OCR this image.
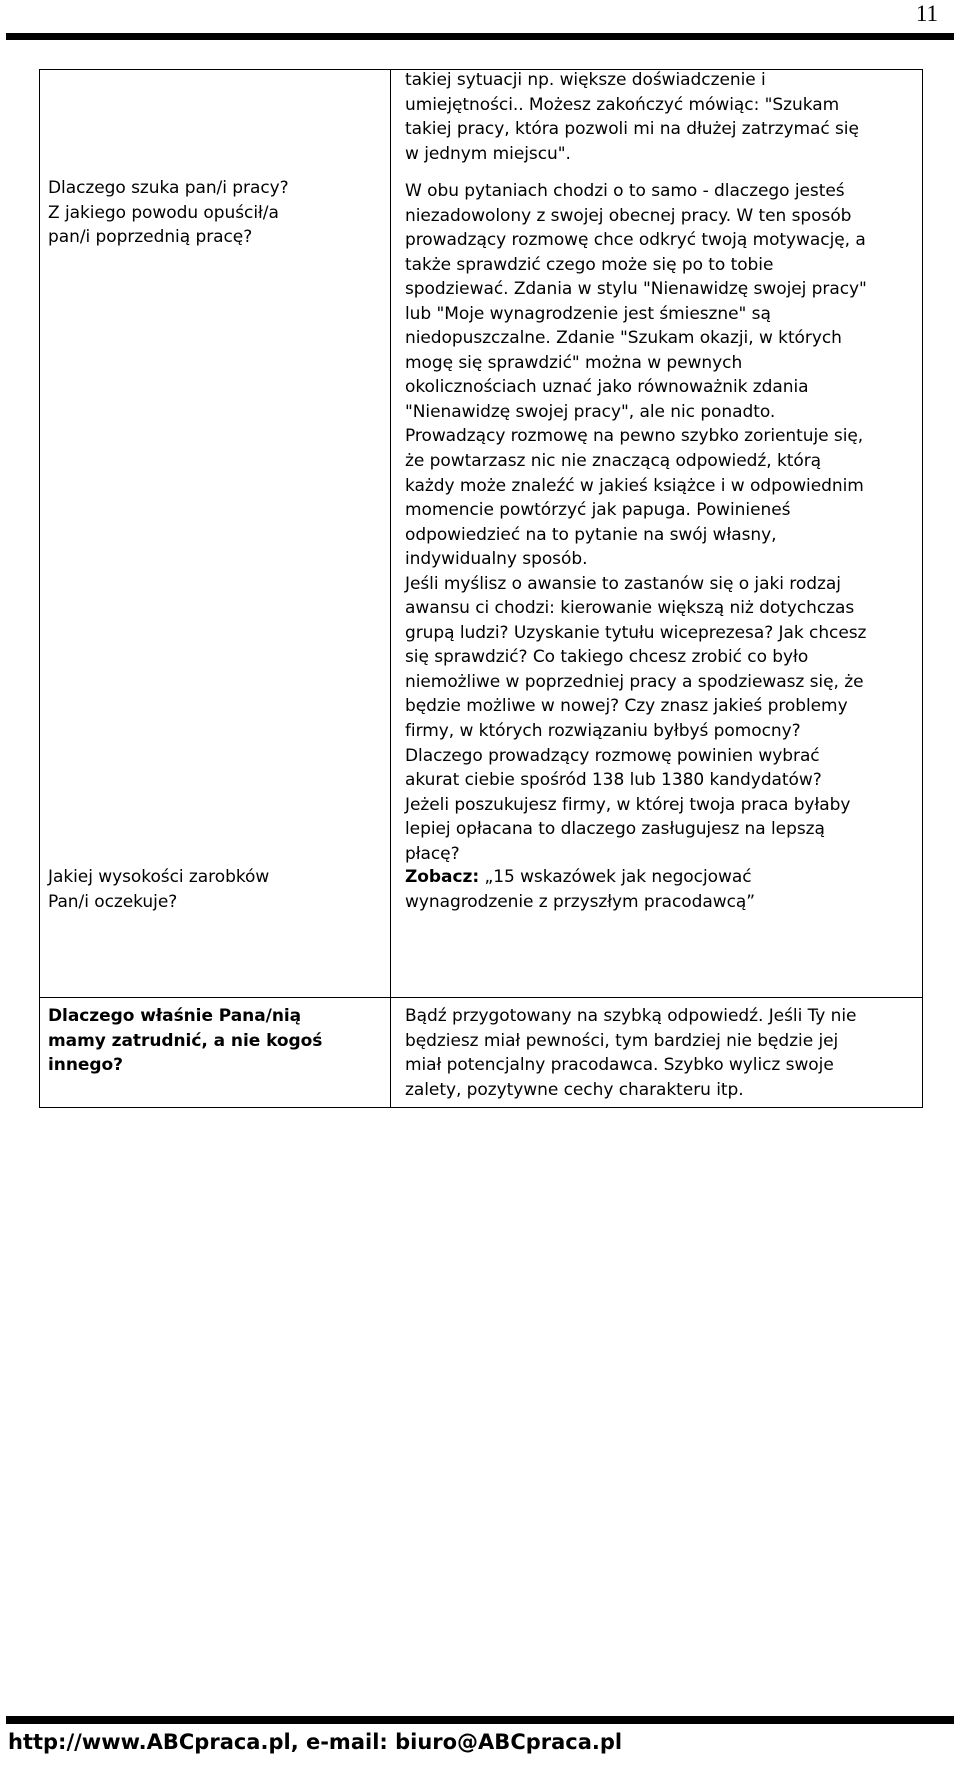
11
Dlaczego szuka pan/i pracy?
Z jakiego powodu opuścił/a
pan/i poprzednią pracę?
takiej sytuacji np. większe doświadczenie i
umiejętności.. Możesz zakończyć mówiąc: "Szukam
takiej pracy, która pozwoli mi na dłużej zatrzymać się
w jednym miejscu".
W obu pytaniach chodzi o to samo - dlaczego jesteś
niezadowolony z swojej obecnej pracy. W ten sposób
prowadzący rozmowę chce odkryć twoją motywację, a
także sprawdzić czego może się po to tobie
spodziewać. Zdania w stylu "Nienawidzę swojej pracy"
lub "Moje wynagrodzenie jest śmieszne" są
niedopuszczalne. Zdanie "Szukam okazji, w których
mogę się sprawdzić" można w pewnych
okolicznościach uznać jako równoważnik zdania
"Nienawidzę swojej pracy", ale nic ponadto.
Prowadzący rozmowę na pewno szybko zorientuje się,
że powtarzasz nic nie znaczącą odpowiedź, którą
każdy może znaleźć w jakieś książce i w odpowiednim
momencie powtórzyć jak papuga. Powinieneś
odpowiedzieć na to pytanie na swój własny,
indywidualny sposób.
Jeśli myślisz o awansie to zastanów się o jaki rodzaj
awansu ci chodzi: kierowanie większą niż dotychczas
grupą ludzi? Uzyskanie tytułu wiceprezesa? Jak chcesz
się sprawdzić? Co takiego chcesz zrobić co było
niemożliwe w poprzedniej pracy a spodziewasz się, że
będzie możliwe w nowej? Czy znasz jakieś problemy
firmy, w których rozwiązaniu byłbyś pomocny?
Dlaczego prowadzący rozmowę powinien wybrać
akurat ciebie spośród 138 lub 1380 kandydatów?
Jeżeli poszukujesz firmy, w której twoja praca byłaby
lepiej opłacana to dlaczego zasługujesz na lepszą
płacę?
Jakiej wysokości zarobków
Pan/i oczekuje?
Zobacz: „15 wskazówek jak negocjować
wynagrodzenie z przyszłym pracodawcą”
Dlaczego właśnie Pana/nią
mamy zatrudnić, a nie kogoś
innego?
Bądź przygotowany na szybką odpowiedź. Jeśli Ty nie
będziesz miał pewności, tym bardziej nie będzie jej
miał potencjalny pracodawca. Szybko wylicz swoje
zalety, pozytywne cechy charakteru itp.
http://www.ABCpraca.pl, e-mail: biuro@ABCpraca.pl
